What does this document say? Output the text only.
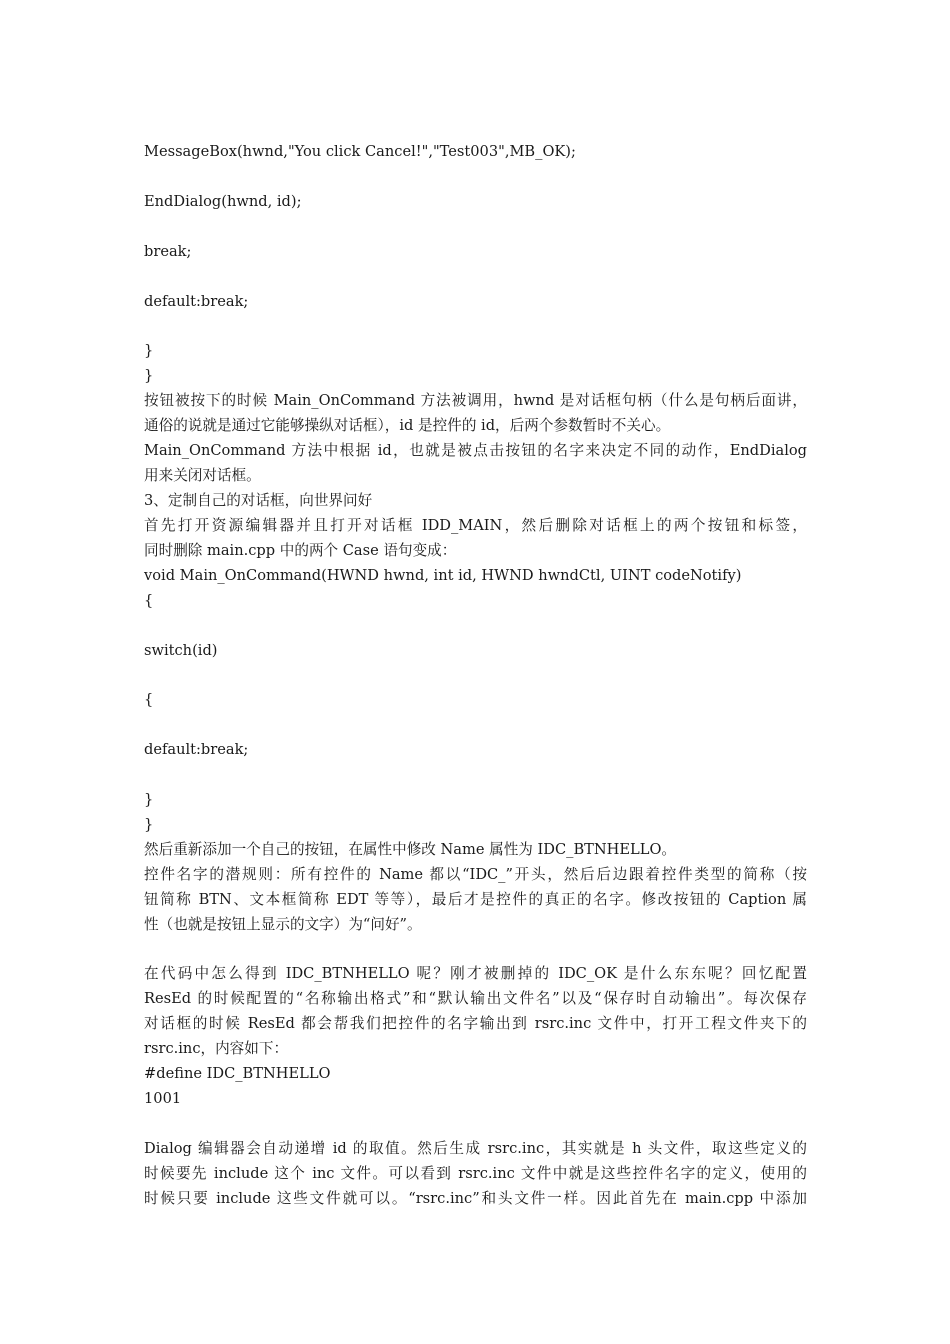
MessageBox(hwnd,"You click Cancel!","Test003",MB_OK);
EndDialog(hwnd, id);
break;
default:break;
}
}
按钮被按下的时候 Main_OnCommand 方法被调用，hwnd 是对话框句柄（什么是句柄后面讲，
通俗的说就是通过它能够操纵对话框），id 是控件的 id，后两个参数暂时不关心。
Main_OnCommand 方法中根据 id，也就是被点击按钮的名字来决定不同的动作，EndDialog
用来关闭对话框。
3、定制自己的对话框，向世界问好
首先打开资源编辑器并且打开对话框 IDD_MAIN，然后删除对话框上的两个按钮和标签，
同时删除 main.cpp 中的两个 Case 语句变成：
void Main_OnCommand(HWND hwnd, int id, HWND hwndCtl, UINT codeNotify)
{
switch(id)
{
default:break;
}
}
然后重新添加一个自己的按钮，在属性中修改 Name 属性为 IDC_BTNHELLO。
控件名字的潜规则：所有控件的 Name 都以“IDC_”开头，然后后边跟着控件类型的简称（按
钮简称 BTN、文本框简称 EDT 等等），最后才是控件的真正的名字。修改按钮的 Caption 属
性（也就是按钮上显示的文字）为“问好”。
在代码中怎么得到 IDC_BTNHELLO 呢？刚才被删掉的 IDC_OK 是什么东东呢？回忆配置
ResEd 的时候配置的“名称输出格式”和“默认输出文件名”以及“保存时自动输出”。每次保存
对话框的时候 ResEd 都会帮我们把控件的名字输出到 rsrc.inc 文件中，打开工程文件夹下的
rsrc.inc，内容如下：
#define IDC_BTNHELLO
1001
Dialog 编辑器会自动递增 id 的取值。然后生成 rsrc.inc，其实就是 h 头文件，取这些定义的
时候要先 include 这个 inc 文件。可以看到 rsrc.inc 文件中就是这些控件名字的定义，使用的
时候只要 include 这些文件就可以。“rsrc.inc”和头文件一样。因此首先在 main.cpp 中添加
